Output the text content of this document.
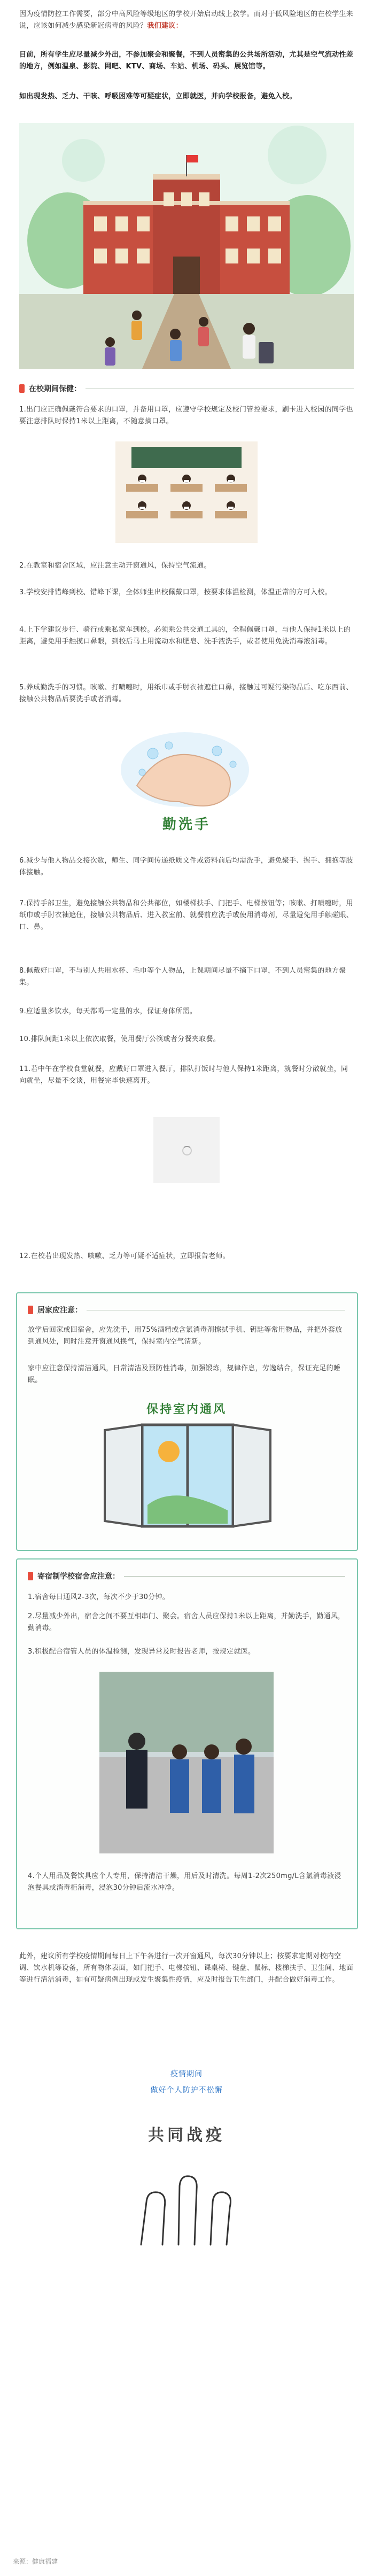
因为疫情防控工作需要，部分中高风险等级地区的学校开始启动线上教学。而对于低风险地区的在校学生来说，应该如何减少感染新冠病毒的风险？我们建议：

目前，所有学生应尽量减少外出，不参加聚会和聚餐，不到人员密集的公共场所活动，尤其是空气流动性差的地方，例如温泉、影院、网吧、KTV、商场、车站、机场、码头、展览馆等。

如出现发热、乏力、干咳、呼吸困难等可疑症状，立即就医，并向学校报备，避免入校。

在校期间保健：

1.出门应正确佩戴符合要求的口罩，并备用口罩，应遵守学校规定及校门管控要求，刷卡进入校园的同学也要注意排队时保持1米以上距离，不随意摘口罩。

2.在教室和宿舍区域，应注意主动开窗通风，保持空气流通。

3.学校安排错峰到校、错峰下课，全体师生出校佩戴口罩，按要求体温检测，体温正常的方可入校。

4.上下学建议步行、骑行或乘私家车到校。必须乘公共交通工具的，全程佩戴口罩，与他人保持1米以上的距离，避免用手触摸口鼻眼，到校后马上用流动水和肥皂、洗手液洗手，或者使用免洗消毒液消毒。

5.养成勤洗手的习惯。咳嗽、打喷嚏时，用纸巾或手肘衣袖遮住口鼻，接触过可疑污染物品后、吃东西前、接触公共物品后要洗手或者消毒。

勤洗手

6.减少与他人物品交接次数，师生、同学间传递纸质文件或资料前后均需洗手，避免聚手、握手、拥抱等肢体接触。

7.保持手部卫生，避免接触公共物品和公共部位，如楼梯扶手、门把手、电梯按钮等；咳嗽、打喷嚏时，用纸巾或手肘衣袖遮住，接触公共物品后、进入教室前、就餐前应洗手或使用消毒剂，尽量避免用手触碰眼、口、鼻。

8.佩戴好口罩，不与别人共用水杯、毛巾等个人物品，上课期间尽量不摘下口罩，不到人员密集的地方聚集。

9.应适量多饮水，每天都喝一定量的水，保证身体所需。

10.排队间距1米以上依次取餐，使用餐厅公筷或者分餐夹取餐。

11.若中午在学校食堂就餐，应戴好口罩进入餐厅，排队打饭时与他人保持1米距离，就餐时分散就坐，同向就坐，尽量不交谈，用餐完毕快速离开。

12.在校若出现发热、咳嗽、乏力等可疑不适症状，立即报告老师。

居家应注意：

放学后回家或回宿舍，应先洗手，用75%酒精或含氯消毒剂擦拭手机、钥匙等常用物品，并把外套放到通风处，同时注意开窗通风换气，保持室内空气清新。

家中应注意保持清洁通风，日常清洁及预防性消毒，加强锻炼，规律作息，劳逸结合，保证充足的睡眠。

保持室内通风
寄宿制学校宿舍应注意：

1.宿舍每日通风2-3次，每次不少于30分钟。

2.尽量减少外出，宿舍之间不要互相串门、聚会。宿舍人员应保持1米以上距离，并勤洗手，勤通风，勤消毒。

3.积极配合宿管人员的体温检测，发现异常及时报告老师，按规定就医。

4.个人用品及餐饮具应个人专用，保持清洁干燥，用后及时清洗。每周1-2次250mg/L含氯消毒液浸泡餐具或消毒柜消毒，浸泡30分钟后流水冲净。

此外，建议所有学校疫情期间每日上下午各进行一次开窗通风，每次30分钟以上；按要求定期对校内空调、饮水机等设备，所有物体表面，如门把手、电梯按钮、课桌椅、键盘、鼠标、楼梯扶手、卫生间、地面等进行清洁消毒，如有可疑病例出现或发生聚集性疫情，应及时报告卫生部门，并配合做好消毒工作。

疫情期间
做好个人防护不松懈
共同战疫
来源：健康福建
